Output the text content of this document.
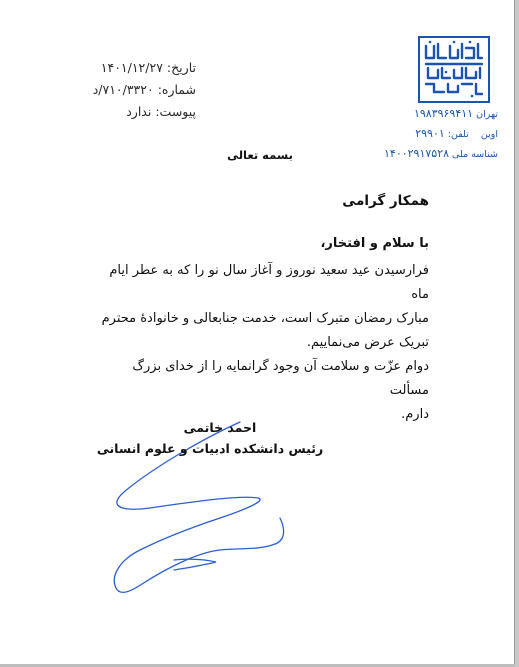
تهران ۱۹۸۳۹۶۹۴۱۱
اوین    تلفن: ۲۹۹۰۱
شناسه ملی ۱۴۰۰۲۹۱۷۵۲۸
تاریخ: ۱۴۰۱/۱۲/۲۷
شماره: ۷۱۰/۳۳۲۰/د
پیوست: ندارد
بسمه تعالی
همکار گرامی
با سلام و افتخار،
فرارسیدن عید سعید نوروز و آغاز سال نو را که به عطر ایام ماه
مبارک رمضان متبرک است، خدمت جنابعالی و خانوادۀ محترم
تبریک عرض می‌نماییم.
دوام عزّت و سلامت آن وجود گرانمایه را از خدای بزرگ مسألت
دارم.
احمد خاتمی
رئیس دانشکده ادبیات و علوم انسانی
